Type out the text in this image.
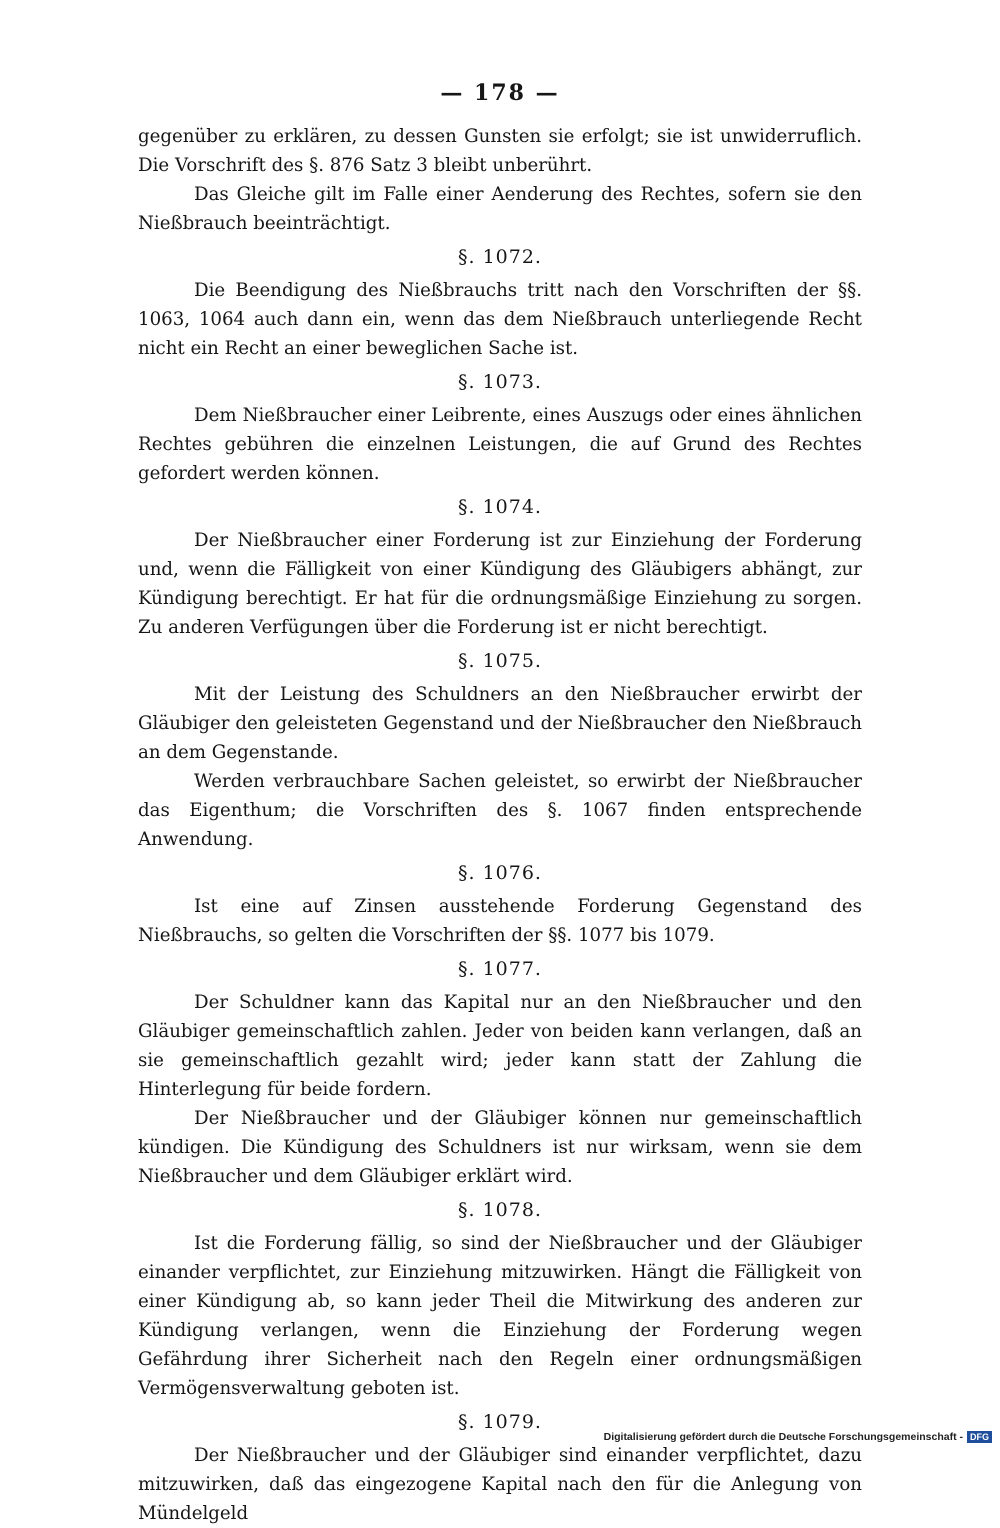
— 178 —

gegenüber zu erklären, zu dessen Gunsten sie erfolgt; sie ist unwiderruflich. Die Vorschrift des §. 876 Satz 3 bleibt unberührt.

Das Gleiche gilt im Falle einer Aenderung des Rechtes, sofern sie den Nießbrauch beeinträchtigt.

§. 1072.

Die Beendigung des Nießbrauchs tritt nach den Vorschriften der §§. 1063, 1064 auch dann ein, wenn das dem Nießbrauch unterliegende Recht nicht ein Recht an einer beweglichen Sache ist.

§. 1073.

Dem Nießbraucher einer Leibrente, eines Auszugs oder eines ähnlichen Rechtes gebühren die einzelnen Leistungen, die auf Grund des Rechtes gefordert werden können.

§. 1074.

Der Nießbraucher einer Forderung ist zur Einziehung der Forderung und, wenn die Fälligkeit von einer Kündigung des Gläubigers abhängt, zur Kündigung berechtigt. Er hat für die ordnungsmäßige Einziehung zu sorgen. Zu anderen Verfügungen über die Forderung ist er nicht berechtigt.

§. 1075.

Mit der Leistung des Schuldners an den Nießbraucher erwirbt der Gläubiger den geleisteten Gegenstand und der Nießbraucher den Nießbrauch an dem Gegenstande.

Werden verbrauchbare Sachen geleistet, so erwirbt der Nießbraucher das Eigenthum; die Vorschriften des §. 1067 finden entsprechende Anwendung.

§. 1076.

Ist eine auf Zinsen ausstehende Forderung Gegenstand des Nießbrauchs, so gelten die Vorschriften der §§. 1077 bis 1079.

§. 1077.

Der Schuldner kann das Kapital nur an den Nießbraucher und den Gläubiger gemeinschaftlich zahlen. Jeder von beiden kann verlangen, daß an sie gemeinschaftlich gezahlt wird; jeder kann statt der Zahlung die Hinterlegung für beide fordern.

Der Nießbraucher und der Gläubiger können nur gemeinschaftlich kündigen. Die Kündigung des Schuldners ist nur wirksam, wenn sie dem Nießbraucher und dem Gläubiger erklärt wird.

§. 1078.

Ist die Forderung fällig, so sind der Nießbraucher und der Gläubiger einander verpflichtet, zur Einziehung mitzuwirken. Hängt die Fälligkeit von einer Kündigung ab, so kann jeder Theil die Mitwirkung des anderen zur Kündigung verlangen, wenn die Einziehung der Forderung wegen Gefährdung ihrer Sicherheit nach den Regeln einer ordnungsmäßigen Vermögensverwaltung geboten ist.

§. 1079.

Der Nießbraucher und der Gläubiger sind einander verpflichtet, dazu mitzuwirken, daß das eingezogene Kapital nach den für die Anlegung von Mündelgeld

Digitalisierung gefördert durch die Deutsche Forschungsgemeinschaft - DFG
